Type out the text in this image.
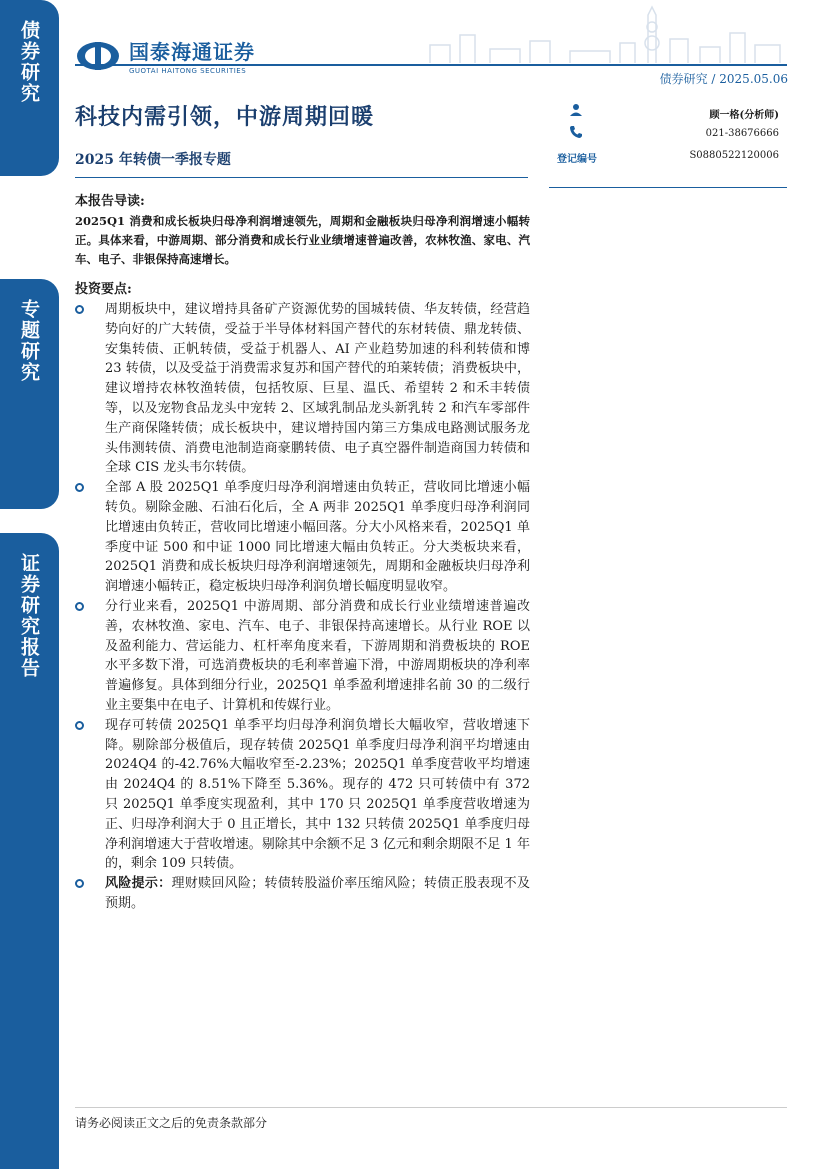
债券研究
专题研究
证券研究报告
国泰海通证券
GUOTAI HAITONG SECURITIES
债券研究 / 2025.05.06
科技内需引领，中游周期回暖
2025 年转债一季报专题
顾一格(分析师)
021-38676666
登记编号	S0880522120006
本报告导读:
2025Q1 消费和成长板块归母净利润增速领先，周期和金融板块归母净利润增速小幅转正。具体来看，中游周期、部分消费和成长行业业绩增速普遍改善，农林牧渔、家电、汽车、电子、非银保持高速增长。
投资要点:
周期板块中，建议增持具备矿产资源优势的国城转债、华友转债，经营趋势向好的广大转债，受益于半导体材料国产替代的东材转债、鼎龙转债、安集转债、正帆转债，受益于机器人、AI 产业趋势加速的科利转债和博 23 转债，以及受益于消费需求复苏和国产替代的珀莱转债；消费板块中，建议增持农林牧渔转债，包括牧原、巨星、温氏、希望转 2 和禾丰转债等，以及宠物食品龙头中宠转 2、区域乳制品龙头新乳转 2 和汽车零部件生产商保隆转债；成长板块中，建议增持国内第三方集成电路测试服务龙头伟测转债、消费电池制造商豪鹏转债、电子真空器件制造商国力转债和全球 CIS 龙头韦尔转债。
全部 A 股 2025Q1 单季度归母净利润增速由负转正，营收同比增速小幅转负。剔除金融、石油石化后，全 A 两非 2025Q1 单季度归母净利润同比增速由负转正，营收同比增速小幅回落。分大小风格来看，2025Q1 单季度中证 500 和中证 1000 同比增速大幅由负转正。分大类板块来看，2025Q1 消费和成长板块归母净利润增速领先，周期和金融板块归母净利润增速小幅转正，稳定板块归母净利润负增长幅度明显收窄。
分行业来看，2025Q1 中游周期、部分消费和成长行业业绩增速普遍改善，农林牧渔、家电、汽车、电子、非银保持高速增长。从行业 ROE 以及盈利能力、营运能力、杠杆率角度来看，下游周期和消费板块的 ROE 水平多数下滑，可选消费板块的毛利率普遍下滑，中游周期板块的净利率普遍修复。具体到细分行业，2025Q1 单季盈利增速排名前 30 的二级行业主要集中在电子、计算机和传媒行业。
现存可转债 2025Q1 单季平均归母净利润负增长大幅收窄，营收增速下降。剔除部分极值后，现存转债 2025Q1 单季度归母净利润平均增速由 2024Q4 的-42.76%大幅收窄至-2.23%；2025Q1 单季度营收平均增速由 2024Q4 的 8.51%下降至 5.36%。现存的 472 只可转债中有 372 只 2025Q1 单季度实现盈利，其中 170 只 2025Q1 单季度营收增速为正、归母净利润大于 0 且正增长，其中 132 只转债 2025Q1 单季度归母净利润增速大于营收增速。剔除其中余额不足 3 亿元和剩余期限不足 1 年的，剩余 109 只转债。
风险提示：理财赎回风险；转债转股溢价率压缩风险；转债正股表现不及预期。
请务必阅读正文之后的免责条款部分
